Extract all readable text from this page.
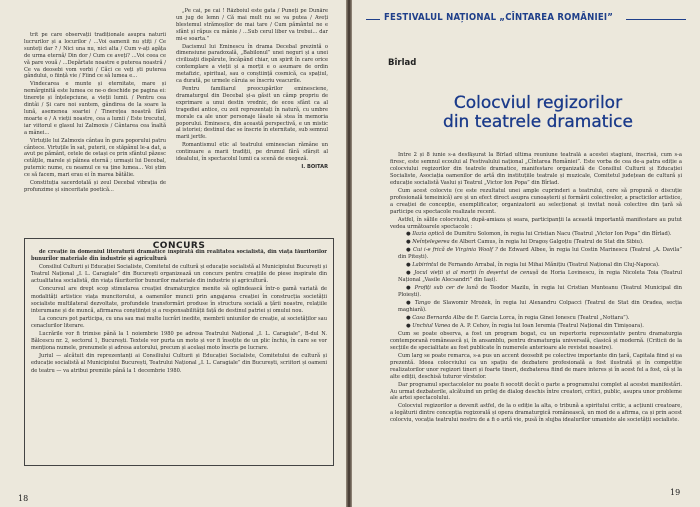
trit pe care observații tradiționale asupra naturii lucrurilor și a locurilor / ...Voi oamenii nu știți / Ce sunteți dar ? / Nici una nu, nici alta / Cum v-ați agăța de urma eternă/ Din dor / Cum ce aveți? ...Voi ceea ce vă pare vouă / ...Depărtate noastre e puterea noastră / Ce va deosebi vom vorbi / Căci ce veți ști puterea gândului, o ființă vie / Fiind ce să lumea e...

Vindecarea e munte și eternitate, mare și nemărginită este lumea ce ne-o deschide pe pagina ei: tinerețe și înțelepciune, a vieții lumii. / Pentru cea dintâi / Și care noi suntem, gândirea de la soare la lună, asemenea soartei / Tinerețea noastră fără moarte e / A vieții noastre, cea a lumii / Este trecutul, iar viitorul e glasul lui Zalmoxis / Cântarea cea înaltă a mânei...

Virtuțile lui Zalmoxis cântau în gura poporului patru cântece. Virtuțile în sat, puterii, ce stăpânul le-a dat, a avut pe pământ, cetele de ostași ce prin sfântul păzesc cetățile, marele și pâinea eternă ; urmașii lui Decebal, puternic nume, cu neamul ce va ține lumea... Voi știm ce să facem, mari erau ei în marea bătălie.

Constituția sacerdotală și zeul Decebal vibrația de profunzime și sinceritate poetică...

„Pe cai, pe cai ! Războiul este gata / Puneți pe Dunăre un jug de lemn / Că mai mult nu se va putea / Aveți blestemul strămoșilor de mai tare / Cum pământul ne e sfânt și răpus cu mânie / ...Sub cerul liber va trebui... dar mi-e soarta.”

Dacismul lui Eminescu în drama Decebal prezintă o dimensiune paradoxală, „Babilonul” unei neguri și a unei civilizații dispărute, încăpând chiar, un spirit în care orice contemplare a vieții și a morții e o asumare de ordin metafizic, spiritual, sau o conștiință cosmică, ca spațiul, ca durată, pe urmele căruia se înscriu veacurile.

Pentru familiarul preocupărilor eminesciene, dramaturgul din Decebal și-a găsit un câmp propriu de exprimare a unui destin vrednic, de ecou sfânt ca al tragediei antice, cu zeii reprezentați în natură, cu umbre morale ca ale unor personaje lăsate să stea în memoria poporului. Eminescu, din această perspectivă, e un mistic al istoriei; destinul dac se înscrie în eternitate, sub semnul marii jertfe.

Romantismul etic al teatrului eminescian rămâne un continuare a marii tradiții, pe drumul fără sfârșit al idealului, în spectacolul lumii ca scenă de exegeză.

I. BOITAR

CONCURS

de creație în domeniul literaturii dramatice inspirată din realitatea socialistă, din viața făuritorilor bunurilor materiale din industrie și agricultură

Consiliul Culturii și Educației Socialiste, Comitetul de cultură și educație socialistă al Municipiului București și Teatrul Național „I. L. Caragiale” din București organizează un concurs pentru creațiile de piese inspirate din actualitatea socialistă, din viața făuritorilor bunurilor materiale din industrie și agricultură.

Concursul are drept scop stimularea creației dramaturgice menite să oglindească într-o gamă variată de modalități artistice viața muncitorului, a oamenilor muncii prin angajarea creației în construcția societății socialiste multilateral dezvoltate, profundele transformări produse în structura socială a țării noastre, relațiile interumane și de muncă, afirmarea conștiinței și a responsabilității față de destinul patriei și omului nou.

La concurs pot participa, cu una sau mai multe lucrări inedite, membrii uniunilor de creație, ai societăților sau cenaclurilor literare.

Lucrările vor fi trimise până la 1 noiembrie 1980 pe adresa Teatrului Național „I. L. Caragiale”, B-dul N. Bălcescu nr. 2, sectorul 1, București. Textele vor purta un moto și vor fi însoțite de un plic închis, în care se vor menționa numele, prenumele și adresa autorului, precum și același moto înscris pe lucrare.

Juriul — alcătuit din reprezentanți ai Consiliului Culturii și Educației Socialiste, Comitetului de cultură și educație socialistă al Municipiului București, Teatrului Național „I. L. Caragiale” din București, scriitori și oameni de teatru — va atribui premiile până la 1 decembrie 1980.

18
FESTIVALUL NAȚIONAL „CÎNTAREA ROMÂNIEI”
Bîrlad
Colocviul regizorilor
din teatrele dramatice

Între 2 și 8 iunie s-a desfășurat la Bîrlad ultima reuniune teatrală a acestei stagiuni, înscrisă, cum s-a firesc, este semnul ecoului al Festivalului național „Cîntarea României”. Este vorba de cea de-a patra ediție a colocviului regizorilor din teatrele dramatice, manifestare organizată de Consiliul Culturii și Educației Socialiste, Asociația oamenilor de artă din instituțiile teatrale și muzicale, Comitetul județean de cultură și educație socialistă Vaslui și Teatrul „Victor Ion Popa” din Bîrlad.

Cum acest colocviu (ce este rezultatul unei ample cuprinderi a teatrului, cere să propună o discuție profesională temeinică) are și un efect direct asupra cunoașterii și formării colectivelor, a practicilor artistice, a creației de concepție, exemplificator, organizatorii au selecționat și invitat nouă colective din țară să participe cu spectacole realizate recent.

Astfel, în sălile colocviului, după-amiaza și seara, participanții la această importantă manifestare au putut vedea următoarele spectacole :

● Ilazia optică de Dumitru Solomon, în regia lui Cristian Nacu (Teatrul „Victor Ion Popa” din Bîrlad).

● Neînțelegerea de Albert Camus, în regia lui Dragoș Galgoțiu (Teatrul de Stat din Sibiu).

● Cui i-e frică de Virginia Woolf ? de Edward Albee, în regia lui Costin Marinescu (Teatrul „A. Davila” din Pitești).

● Labirintul de Fernando Arrabal, în regia lui Mihai Mănițiu (Teatrul Național din Cluj-Napoca).

● Jocul vieții și al morții în deșertul de cenușă de Horia Lovinescu, în regia Nicoleta Toia (Teatrul Național „Vasile Alecsandri” din Iași).

● Profiți sub cer de lună de Teodor Mazilu, în regia lui Cristian Munteanu (Teatrul Municipal din Ploiești).

● Tango de Slawomir Mrożek, în regia lui Alexandru Colpacci (Teatrul de Stat din Oradea, secția maghiară).

● Casa Bernarda Alba de F. Garcia Lorca, în regia Ginei Ionescu (Teatrul „Nottara”).

● Unchiul Vanea de A. P. Cehov, în regia lui Ioan Ieremia (Teatrul Național din Timișoara).

Cum se poate observa, a fost un program bogat, cu un repertoriu reprezentativ pentru dramaturgia contemporană românească și, în ansamblu, pentru dramaturgia universală, clasică și modernă. (Criticii de la secțiile de specialitate au fost publicate în numerele anterioare ale revistei noastre).

Cum larg se poate remarca, s-a pus un accent deosebit pe colective importante din țară, Capitala fiind și ea prezentă. Ideea colocviului ca un spațiu de dezbatere profesională a fost ilustrată și în competiție realizatorilor unor regizori tineri și foarte tineri, dezbaterea fiind de mare interes și în acest fel a fost, că și la alte ediții, deschisă tuturor vîrstelor.

Dar programul spectacolelor nu poate fi socotit decât o parte a programului complet al acestei manifestări. Au urmat dezbaterile, alcătuind un prilej de dialog deschis între creatori, critici, public, asupra unor probleme ale artei spectacolului.

Colocviul regizorilor a devenit astfel, de la o ediție la alta, o tribună a spiritului critic, a acțiunii creatoare, a legăturii dintre concepția regizorală și opera dramaturgică românească, un mod de a afirma, ca și prin acest colocviu, vocația teatrului nostru de a fi o artă vie, pusă în slujba idealurilor umaniste ale societății socialiste.

19
